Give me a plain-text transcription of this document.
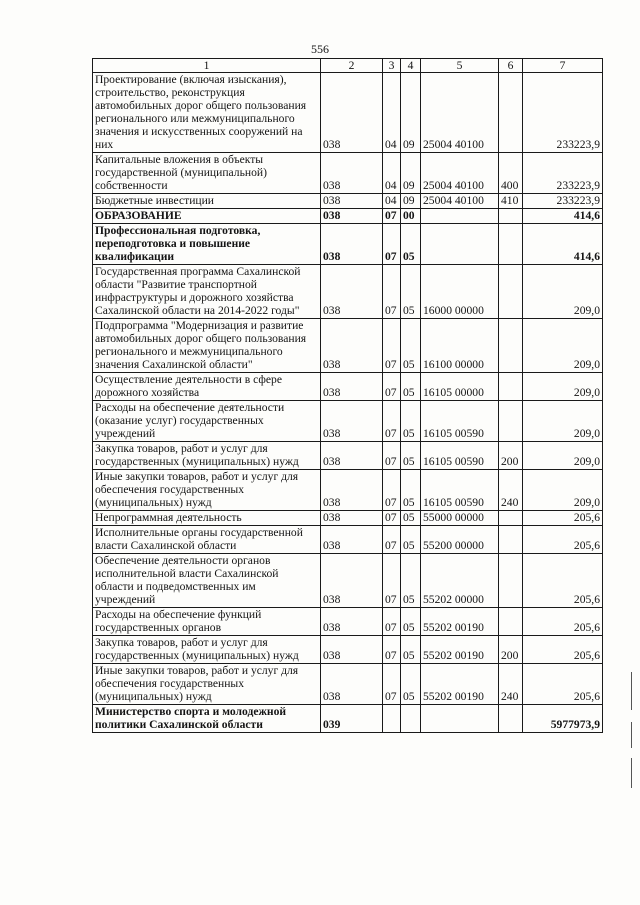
556
1	2	3	4	5	6	7
Проектирование (включая изыскания), строительство, реконструкция автомобильных дорог общего пользования регионального или межмуниципального значения и искусственных сооружений на них	038	04	09	25004 40100		233223,9
Капитальные вложения в объекты государственной (муниципальной) собственности	038	04	09	25004 40100	400	233223,9
Бюджетные инвестиции	038	04	09	25004 40100	410	233223,9
ОБРАЗОВАНИЕ	038	07	00			414,6
Профессиональная подготовка, переподготовка и повышение квалификации	038	07	05			414,6
Государственная программа Сахалинской области "Развитие транспортной инфраструктуры и дорожного хозяйства Сахалинской области на 2014-2022 годы"	038	07	05	16000 00000		209,0
Подпрограмма "Модернизация и развитие автомобильных дорог общего пользования регионального и межмуниципального значения Сахалинской области"	038	07	05	16100 00000		209,0
Осуществление деятельности в сфере дорожного хозяйства	038	07	05	16105 00000		209,0
Расходы на обеспечение деятельности (оказание услуг) государственных учреждений	038	07	05	16105 00590		209,0
Закупка товаров, работ и услуг для государственных (муниципальных) нужд	038	07	05	16105 00590	200	209,0
Иные закупки товаров, работ и услуг для обеспечения государственных (муниципальных) нужд	038	07	05	16105 00590	240	209,0
Непрограммная деятельность	038	07	05	55000 00000		205,6
Исполнительные органы государственной власти Сахалинской области	038	07	05	55200 00000		205,6
Обеспечение деятельности органов исполнительной власти Сахалинской области и подведомственных им учреждений	038	07	05	55202 00000		205,6
Расходы на обеспечение функций государственных органов	038	07	05	55202 00190		205,6
Закупка товаров, работ и услуг для государственных (муниципальных) нужд	038	07	05	55202 00190	200	205,6
Иные закупки товаров, работ и услуг для обеспечения государственных (муниципальных) нужд	038	07	05	55202 00190	240	205,6
Министерство спорта и молодежной политики Сахалинской области	039					5977973,9
